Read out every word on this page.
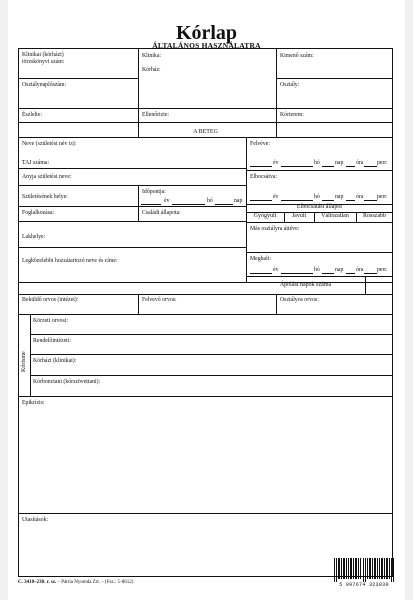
Kórlap
ÁLTALÁNOS HASZNÁLATRA
Klinikai (kórházi)
törzskönyvi szám:
Klinika:
Kórház:
Kimenő szám:
Osztálynaplószám:	Osztály:
Észlelte:	Ellenőrizte:	Kórterem:
A BETEG
Neve (születési név is):
TAJ száma:
Anyja születési neve:
Születésének helye:
Időpontja:
év	hó	nap
Foglalkozása:	Családi állapota:
Lakhelye:
Legközelebbi hozzátartozó neve és címe:
Felvéve:
év	hó	nap óra perc
Elbocsátva:
év	hó	nap óra perc
Elbocsátási állapot
Gyógyult	Javult	Változatlan	Rosszabb
Más osztályra áttéve:
Meghalt:
év	hó	nap óra perc
Ápolási napok száma
Beküldő orvos (intézet):	Felvevő orvos:	Osztályos orvos:
Kórisme
Körzeti orvosi:
Rendelőintézeti:
Kórházi (klinikai):
Kórbonctani (kórszövettani):
Epikrízis:
Utasítások:
C. 3410–230. r. sz. – Pátria Nyomda Zrt. – (Fsz.: 5-8612)	5 997674 323830
